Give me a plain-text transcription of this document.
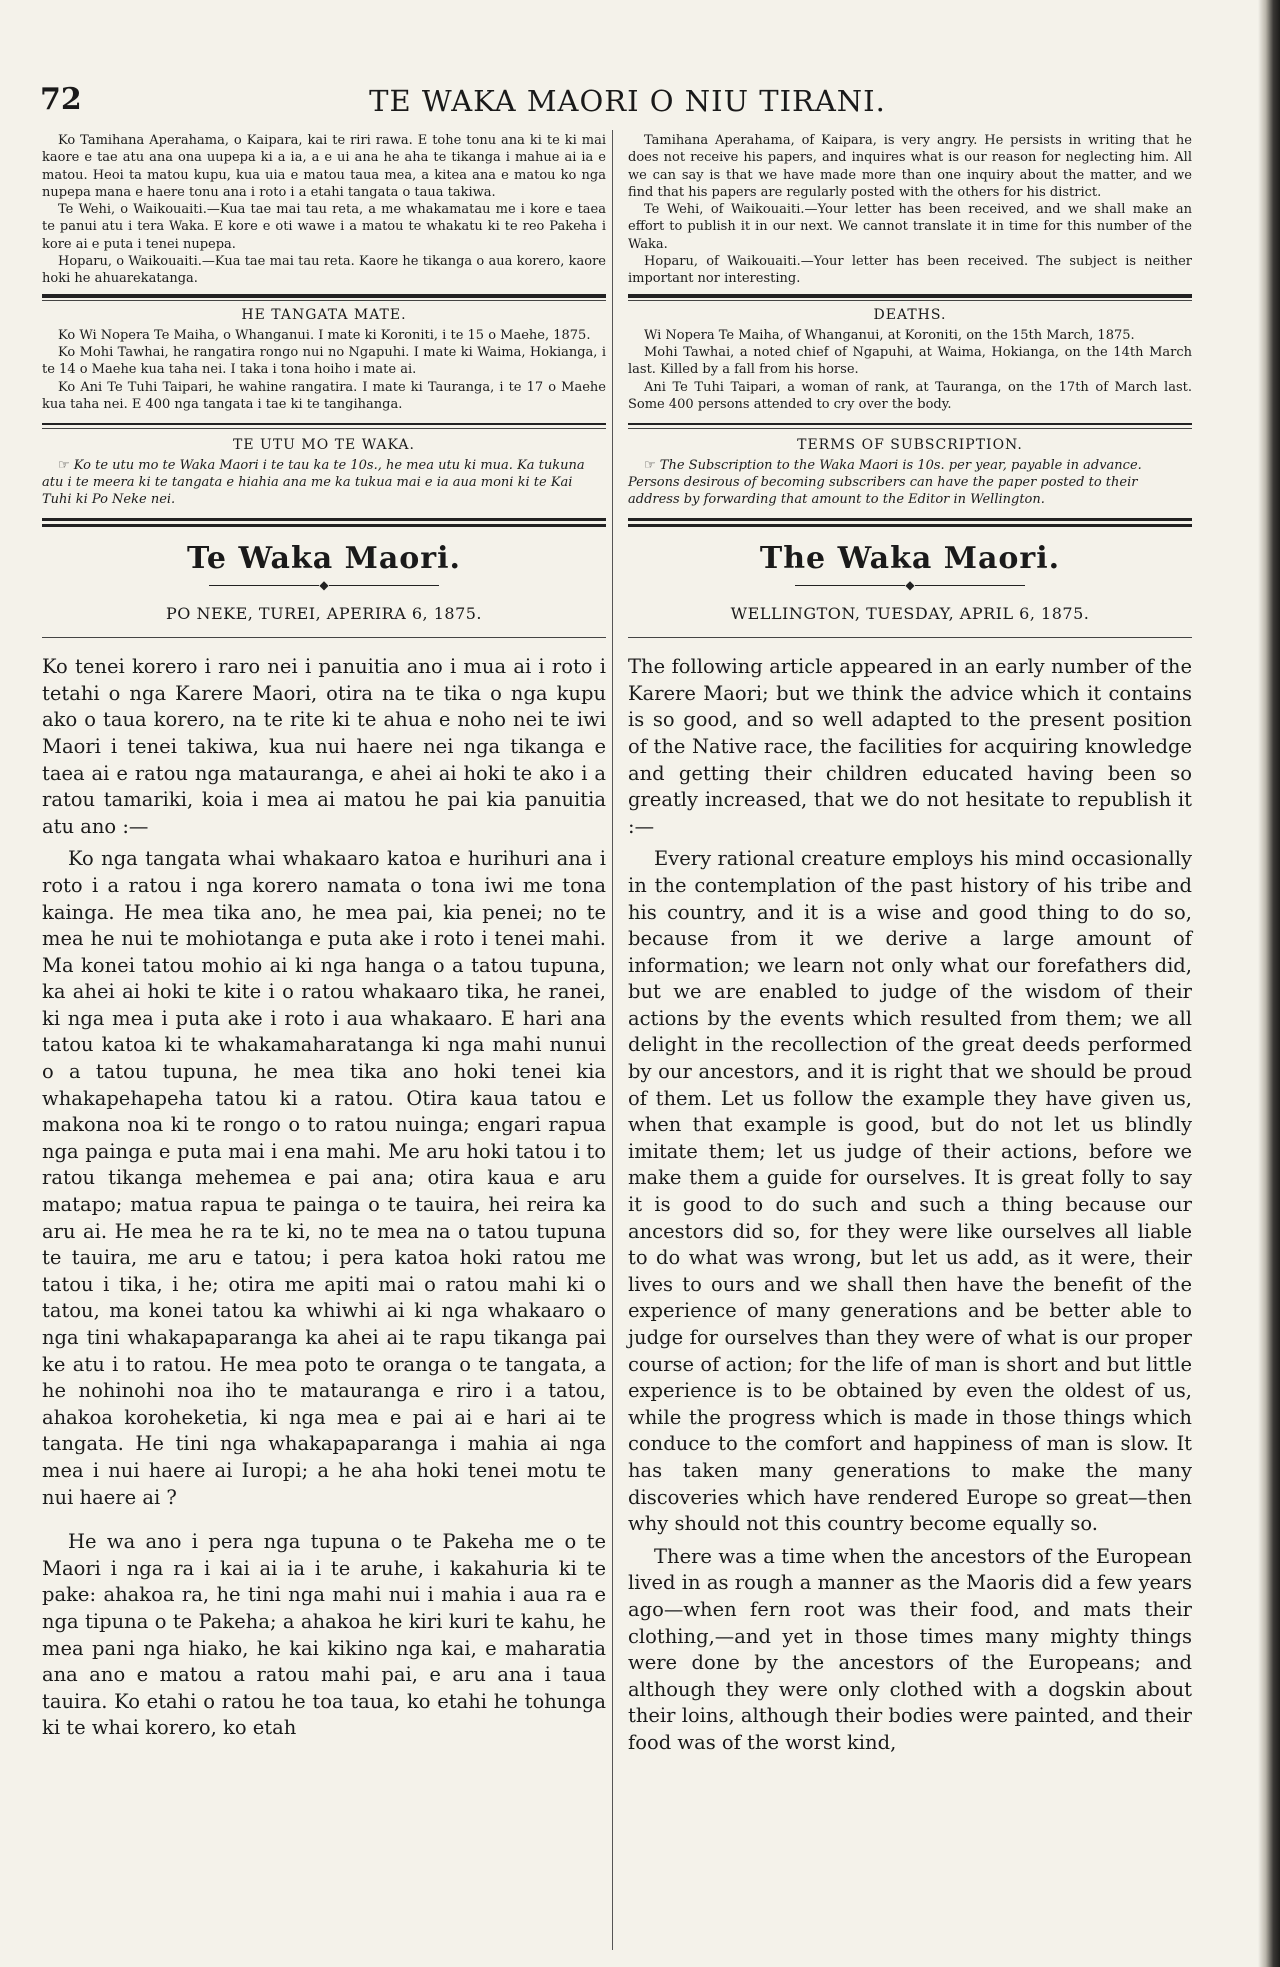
72	TE WAKA MAORI O NIU TIRANI.

Ko Tamihana Aperahama, o Kaipara, kai te riri rawa. E tohe tonu ana ki te ki mai kaore e tae atu ana ona uupepa ki a ia, a e ui ana he aha te tikanga i mahue ai ia e matou. Heoi ta matou kupu, kua uia e matou taua mea, a kitea ana e matou ko nga nupepa mana e haere tonu ana i roto i a etahi tangata o taua takiwa.

Te Wehi, o Waikouaiti.—Kua tae mai tau reta, a me whakamatau me i kore e taea te panui atu i tera Waka. E kore e oti wawe i a matou te whakatu ki te reo Pakeha i kore ai e puta i tenei nupepa.

Hoparu, o Waikouaiti.—Kua tae mai tau reta. Kaore he tikanga o aua korero, kaore hoki he ahuarekatanga.

HE TANGATA MATE.

Ko Wi Nopera Te Maiha, o Whanganui. I mate ki Koroniti, i te 15 o Maehe, 1875.

Ko Mohi Tawhai, he rangatira rongo nui no Ngapuhi. I mate ki Waima, Hokianga, i te 14 o Maehe kua taha nei. I taka i tona hoiho i mate ai.

Ko Ani Te Tuhi Taipari, he wahine rangatira. I mate ki Tauranga, i te 17 o Maehe kua taha nei. E 400 nga tangata i tae ki te tangihanga.

TE UTU MO TE WAKA.

☞ Ko te utu mo te Waka Maori i te tau ka te 10s., he mea utu ki mua. Ka tukuna atu i te meera ki te tangata e hiahia ana me ka tukua mai e ia aua moni ki te Kai Tuhi ki Po Neke nei.

Te Waka Maori.
◆
PO NEKE, TUREI, APERIRA 6, 1875.

Ko tenei korero i raro nei i panuitia ano i mua ai i roto i tetahi o nga Karere Maori, otira na te tika o nga kupu ako o taua korero, na te rite ki te ahua e noho nei te iwi Maori i tenei takiwa, kua nui haere nei nga tikanga e taea ai e ratou nga matauranga, e ahei ai hoki te ako i a ratou tamariki, koia i mea ai matou he pai kia panuitia atu ano :—

Ko nga tangata whai whakaaro katoa e hurihuri ana i roto i a ratou i nga korero namata o tona iwi me tona kainga. He mea tika ano, he mea pai, kia penei; no te mea he nui te mohiotanga e puta ake i roto i tenei mahi. Ma konei tatou mohio ai ki nga hanga o a tatou tupuna, ka ahei ai hoki te kite i o ratou whakaaro tika, he ranei, ki nga mea i puta ake i roto i aua whakaaro. E hari ana tatou katoa ki te whakamaharatanga ki nga mahi nunui o a tatou tupuna, he mea tika ano hoki tenei kia whakapehapeha tatou ki a ratou. Otira kaua tatou e makona noa ki te rongo o to ratou nuinga; engari rapua nga painga e puta mai i ena mahi. Me aru hoki tatou i to ratou tikanga mehemea e pai ana; otira kaua e aru matapo; matua rapua te painga o te tauira, hei reira ka aru ai. He mea he ra te ki, no te mea na o tatou tupuna te tauira, me aru e tatou; i pera katoa hoki ratou me tatou i tika, i he; otira me apiti mai o ratou mahi ki o tatou, ma konei tatou ka whiwhi ai ki nga whakaaro o nga tini whakapaparanga ka ahei ai te rapu tikanga pai ke atu i to ratou. He mea poto te oranga o te tangata, a he nohinohi noa iho te matauranga e riro i a tatou, ahakoa koroheketia, ki nga mea e pai ai e hari ai te tangata. He tini nga whakapaparanga i mahia ai nga mea i nui haere ai Iuropi; a he aha hoki tenei motu te nui haere ai ?

He wa ano i pera nga tupuna o te Pakeha me o te Maori i nga ra i kai ai ia i te aruhe, i kakahuria ki te pake: ahakoa ra, he tini nga mahi nui i mahia i aua ra e nga tipuna o te Pakeha; a ahakoa he kiri kuri te kahu, he mea pani nga hiako, he kai kikino nga kai, e maharatia ana ano e matou a ratou mahi pai, e aru ana i taua tauira. Ko etahi o ratou he toa taua, ko etahi he tohunga ki te whai korero, ko etah

Tamihana Aperahama, of Kaipara, is very angry. He persists in writing that he does not receive his papers, and inquires what is our reason for neglecting him. All we can say is that we have made more than one inquiry about the matter, and we find that his papers are regularly posted with the others for his district.

Te Wehi, of Waikouaiti.—Your letter has been received, and we shall make an effort to publish it in our next. We cannot translate it in time for this number of the Waka.

Hoparu, of Waikouaiti.—Your letter has been received. The subject is neither important nor interesting.

DEATHS.

Wi Nopera Te Maiha, of Whanganui, at Koroniti, on the 15th March, 1875.

Mohi Tawhai, a noted chief of Ngapuhi, at Waima, Hokianga, on the 14th March last. Killed by a fall from his horse.

Ani Te Tuhi Taipari, a woman of rank, at Tauranga, on the 17th of March last. Some 400 persons attended to cry over the body.

TERMS OF SUBSCRIPTION.

☞ The Subscription to the Waka Maori is 10s. per year, payable in advance. Persons desirous of becoming subscribers can have the paper posted to their address by forwarding that amount to the Editor in Wellington.

The Waka Maori.
◆
WELLINGTON, TUESDAY, APRIL 6, 1875.

The following article appeared in an early number of the Karere Maori; but we think the advice which it contains is so good, and so well adapted to the present position of the Native race, the facilities for acquiring knowledge and getting their children educated having been so greatly increased, that we do not hesitate to republish it :—

Every rational creature employs his mind occasionally in the contemplation of the past history of his tribe and his country, and it is a wise and good thing to do so, because from it we derive a large amount of information; we learn not only what our forefathers did, but we are enabled to judge of the wisdom of their actions by the events which resulted from them; we all delight in the recollection of the great deeds performed by our ancestors, and it is right that we should be proud of them. Let us follow the example they have given us, when that example is good, but do not let us blindly imitate them; let us judge of their actions, before we make them a guide for ourselves. It is great folly to say it is good to do such and such a thing because our ancestors did so, for they were like ourselves all liable to do what was wrong, but let us add, as it were, their lives to ours and we shall then have the benefit of the experience of many generations and be better able to judge for ourselves than they were of what is our proper course of action; for the life of man is short and but little experience is to be obtained by even the oldest of us, while the progress which is made in those things which conduce to the comfort and happiness of man is slow. It has taken many generations to make the many discoveries which have rendered Europe so great—then why should not this country become equally so.

There was a time when the ancestors of the European lived in as rough a manner as the Maoris did a few years ago—when fern root was their food, and mats their clothing,—and yet in those times many mighty things were done by the ancestors of the Europeans; and although they were only clothed with a dogskin about their loins, although their bodies were painted, and their food was of the worst kind,
